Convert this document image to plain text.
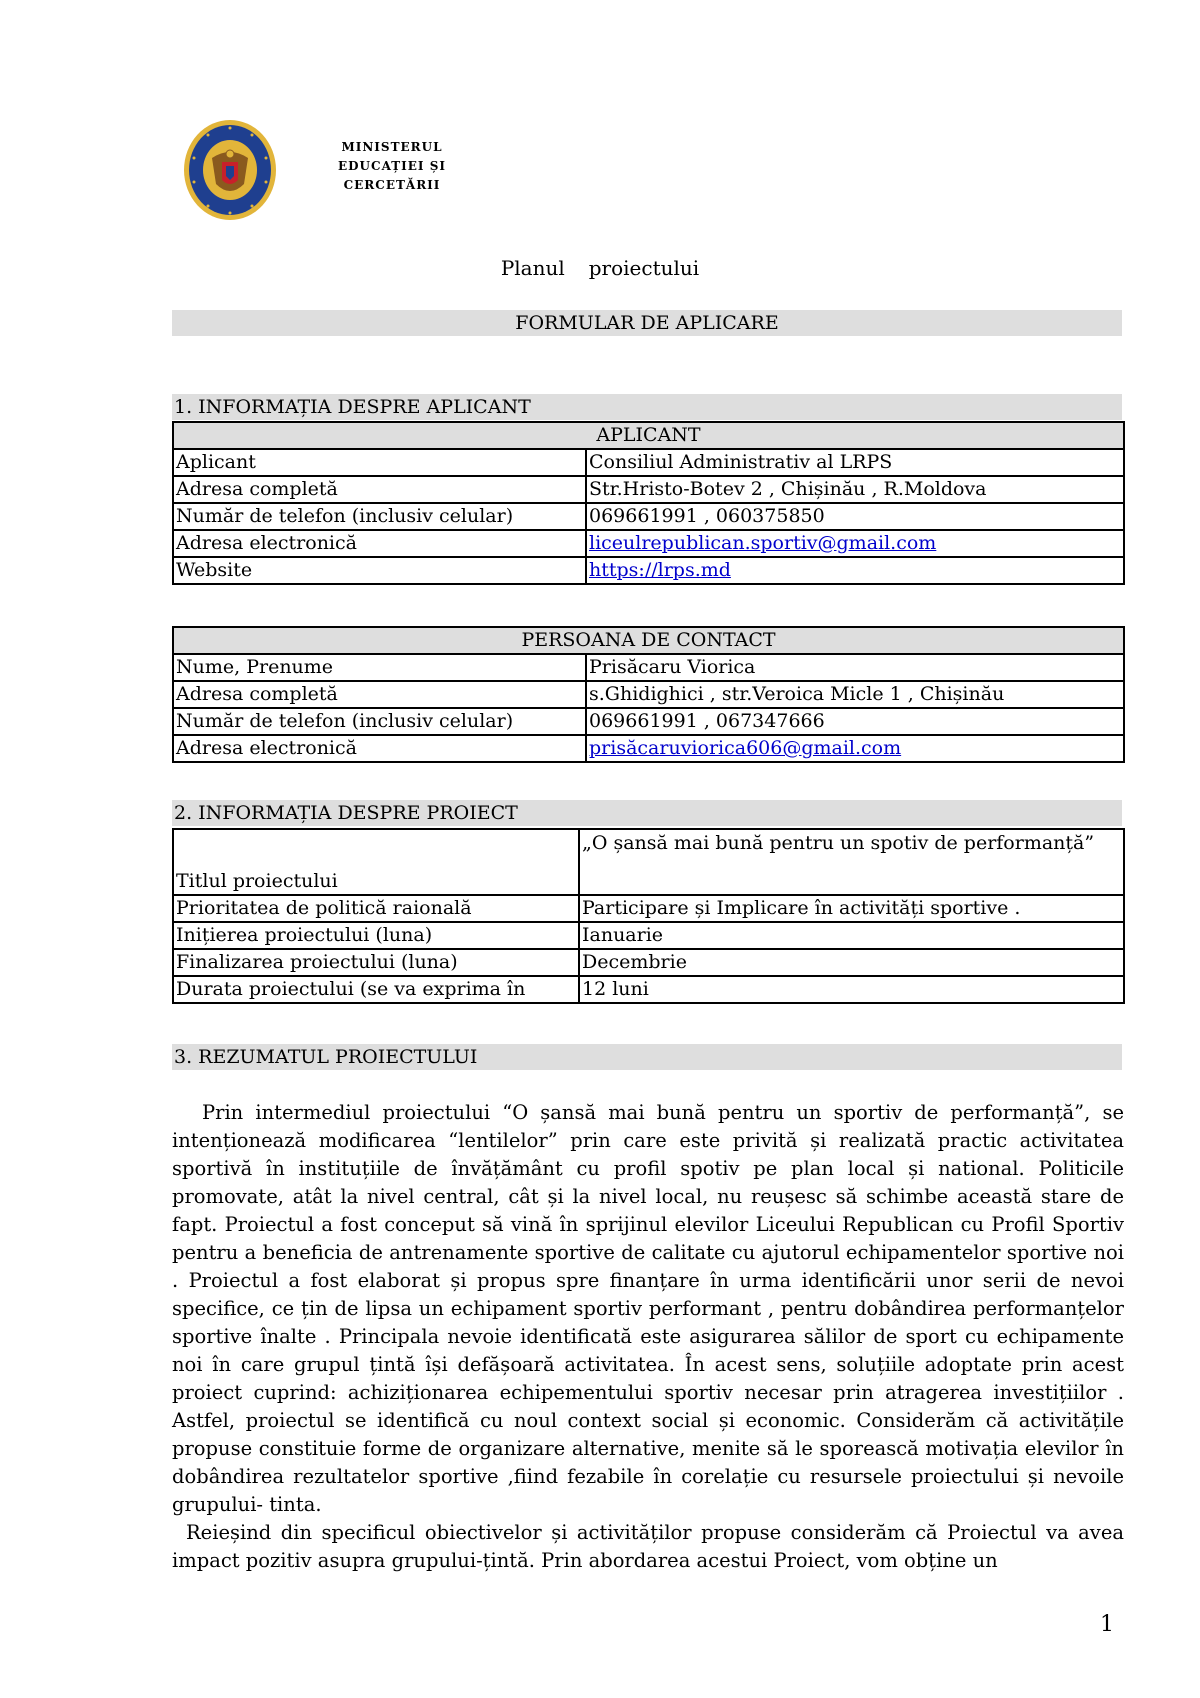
MINISTERUL
EDUCAȚIEI ȘI
CERCETĂRII
Planul proiectului
FORMULAR DE APLICARE
1. INFORMAȚIA DESPRE APLICANT
APLICANT	
Aplicant	Consiliul Administrativ al LRPS
Adresa completă	Str.Hristo-Botev 2 , Chișinău , R.Moldova
Număr de telefon (inclusiv celular)	069661991 , 060375850
Adresa electronică	liceulrepublican.sportiv@gmail.com
Website	https://lrps.md
PERSOANA DE CONTACT	
Nume, Prenume	Prisăcaru Viorica
Adresa completă	s.Ghidighici , str.Veroica Micle 1 , Chișinău
Număr de telefon (inclusiv celular)	069661991 , 067347666
Adresa electronică	prisăcaruviorica606@gmail.com
2. INFORMAȚIA DESPRE PROIECT
Titlul proiectului	„O șansă mai bună pentru un spotiv de performanță”
Prioritatea de politică raională	Participare și Implicare în activități sportive .
Inițierea proiectului (luna)	Ianuarie
Finalizarea proiectului (luna)	Decembrie
Durata proiectului (se va exprima în	12 luni
3. REZUMATUL PROIECTULUI

Prin intermediul proiectului “O șansă mai bună pentru un sportiv de performanță”, se intenționează modificarea “lentilelor” prin care este privită și realizată practic activitatea sportivă în instituțiile de învățământ cu profil spotiv pe plan local și national. Politicile promovate, atât la nivel central, cât și la nivel local, nu reușesc să schimbe această stare de fapt. Proiectul a fost conceput să vină în sprijinul elevilor Liceului Republican cu Profil Sportiv pentru a beneficia de antrenamente sportive de calitate cu ajutorul echipamentelor sportive noi . Proiectul a fost elaborat și propus spre finanțare în urma identificării unor serii de nevoi specifice, ce țin de lipsa un echipament sportiv performant , pentru dobândirea performanțelor sportive înalte . Principala nevoie identificată este asigurarea sălilor de sport cu echipamente noi în care grupul țintă își defășoară activitatea. În acest sens, soluțiile adoptate prin acest proiect cuprind: achiziționarea echipementului sportiv necesar prin atragerea investițiilor . Astfel, proiectul se identifică cu noul context social și economic. Considerăm că activitățile propuse constituie forme de organizare alternative, menite să le sporească motivația elevilor în dobândirea rezultatelor sportive ,fiind fezabile în corelație cu resursele proiectului și nevoile grupului- tinta.

Reieșind din specificul obiectivelor și activităților propuse considerăm că Proiectul va avea impact pozitiv asupra grupului-țintă. Prin abordarea acestui Proiect, vom obține un

1
